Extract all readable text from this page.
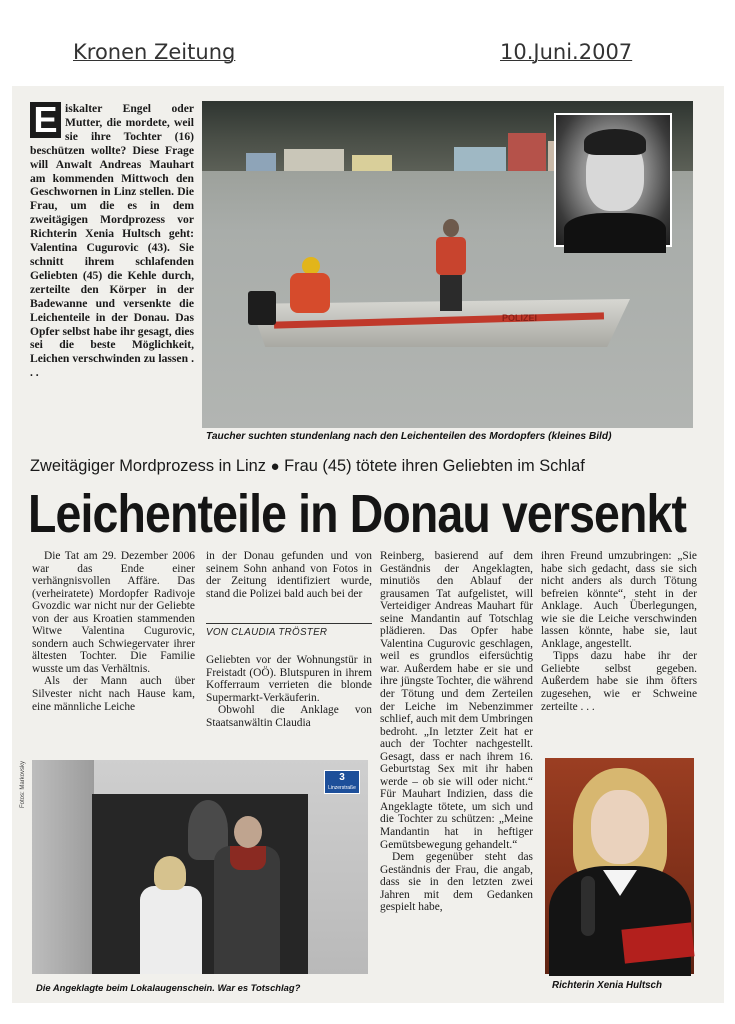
Kronen Zeitung	10.Juni.2007
E iskalter Engel oder Mutter, die mordete, weil sie ihre Tochter (16) beschützen wollte? Diese Frage will Anwalt Andreas Mauhart am kommenden Mittwoch den Geschwornen in Linz stellen. Die Frau, um die es in dem zweitägigen Mordprozess vor Richterin Xenia Hultsch geht: Valentina Cugurovic (43). Sie schnitt ihrem schlafenden Geliebten (45) die Kehle durch, zerteilte den Körper in der Badewanne und versenkte die Leichenteile in der Donau. Das Opfer selbst habe ihr gesagt, dies sei die beste Möglichkeit, Leichen verschwinden zu lassen . . .
POLIZEI
Taucher suchten stundenlang nach den Leichenteilen des Mordopfers (kleines Bild)
Zweitägiger Mordprozess in Linz ● Frau (45) tötete ihren Geliebten im Schlaf
Leichenteile in Donau versenkt

Die Tat am 29. Dezember 2006 war das Ende einer verhängnisvollen Affäre. Das (verheiratete) Mordopfer Radivoje Gvozdic war nicht nur der Geliebte von der aus Kroatien stammenden Witwe Valentina Cugurovic, sondern auch Schwiegervater ihrer ältesten Tochter. Die Familie wusste um das Verhältnis.

Als der Mann auch über Silvester nicht nach Hause kam, eine männliche Leiche

in der Donau gefunden und von seinem Sohn anhand von Fotos in der Zeitung identifiziert wurde, stand die Polizei bald auch bei der

VON CLAUDIA TRÖSTER

Geliebten vor der Wohnungstür in Freistadt (OÖ). Blutspuren in ihrem Kofferraum verrieten die blonde Supermarkt-Verkäuferin.

Obwohl die Anklage von Staatsanwältin Claudia

Reinberg, basierend auf dem Geständnis der Angeklagten, minutiös den Ablauf der grausamen Tat aufgelistet, will Verteidiger Andreas Mauhart für seine Mandantin auf Totschlag plädieren. Das Opfer habe Valentina Cugurovic geschlagen, weil es grundlos eifersüchtig war. Außerdem habe er sie und ihre jüngste Tochter, die während der Tötung und dem Zerteilen der Leiche im Nebenzimmer schlief, auch mit dem Umbringen bedroht. „In letzter Zeit hat er auch der Tochter nachgestellt. Gesagt, dass er nach ihrem 16. Geburtstag Sex mit ihr haben werde – ob sie will oder nicht.“ Für Mauhart Indizien, dass die Angeklagte tötete, um sich und die Tochter zu schützen: „Meine Mandantin hat in heftiger Gemütsbewegung gehandelt.“

Dem gegenüber steht das Geständnis der Frau, die angab, dass sie in den letzten zwei Jahren mit dem Gedanken gespielt habe,

ihren Freund umzubringen: „Sie habe sich gedacht, dass sie sich nicht anders als durch Tötung befreien könnte“, steht in der Anklage. Auch Überlegungen, wie sie die Leiche verschwinden lassen könnte, habe sie, laut Anklage, angestellt.

Tipps dazu habe ihr der Geliebte selbst gegeben. Außerdem habe sie ihm öfters zugesehen, wie er Schweine zerteilte . . .

Fotos: Markovsky	3
Linzerstraße
Die Angeklagte beim Lokalaugenschein. War es Totschlag?	Richterin Xenia Hultsch
